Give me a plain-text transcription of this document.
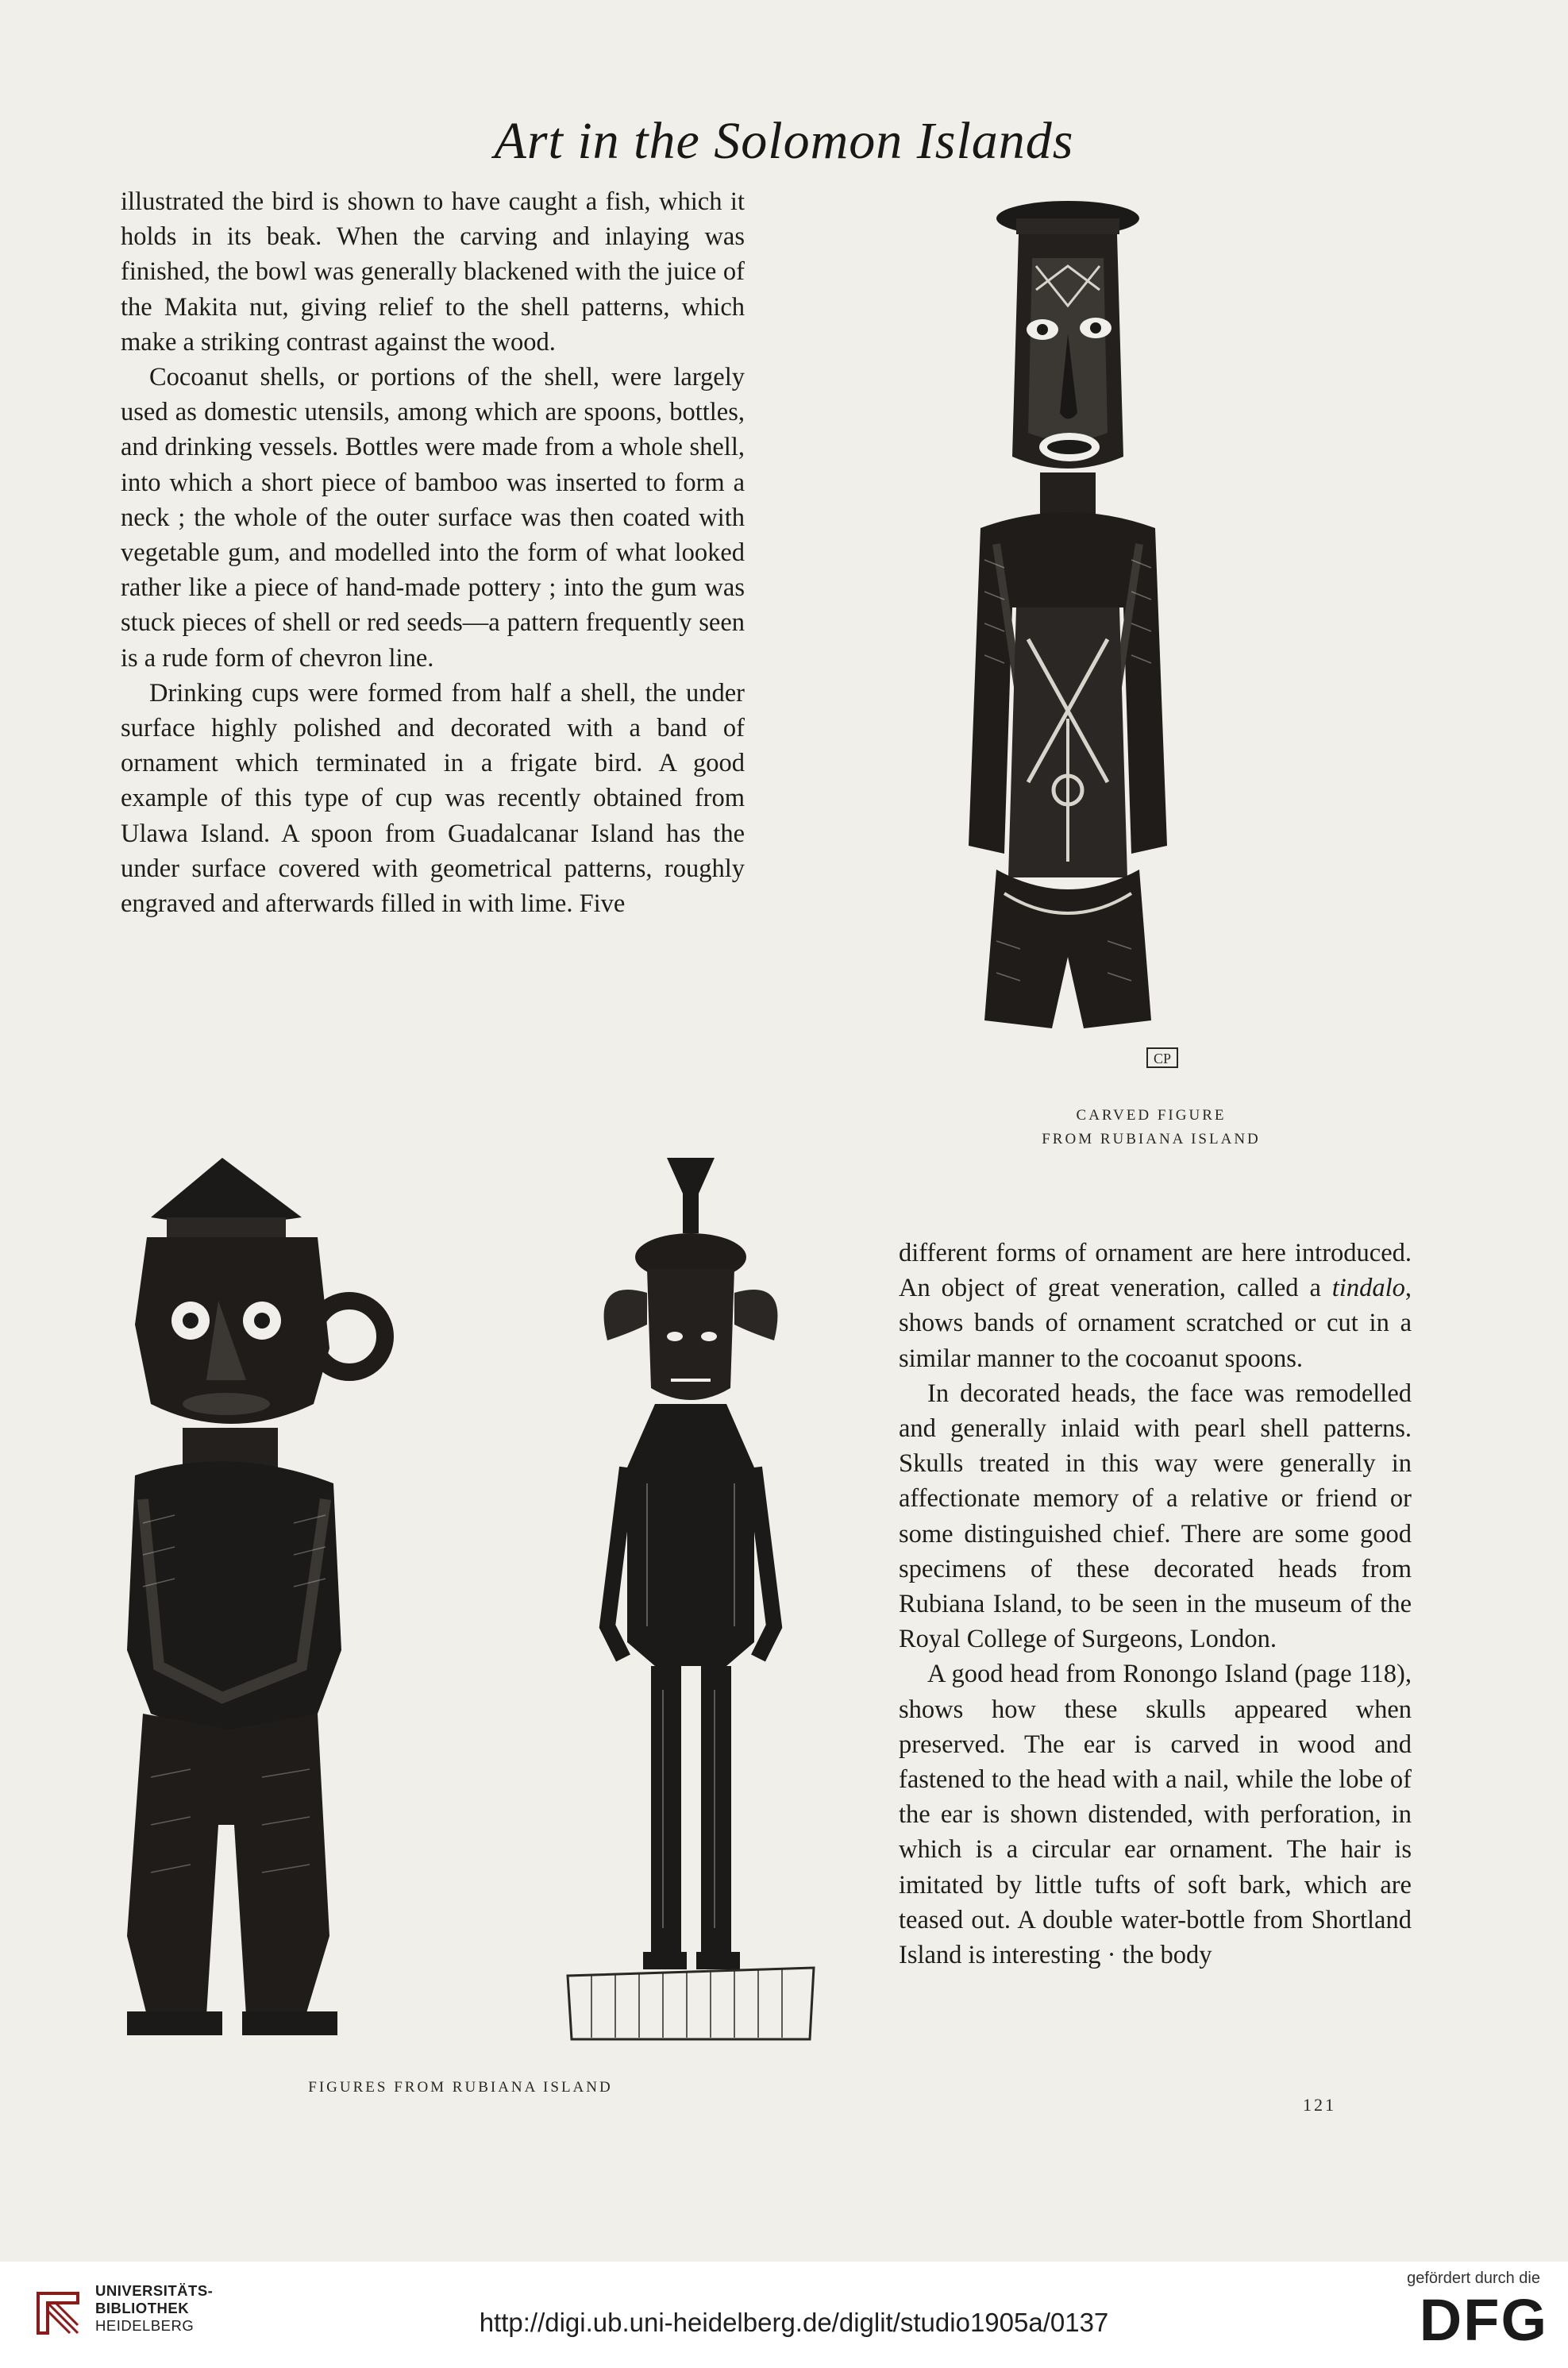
Art in the Solomon Islands

illustrated the bird is shown to have caught a fish, which it holds in its beak. When the carving and inlaying was finished, the bowl was generally blackened with the juice of the Makita nut, giving relief to the shell patterns, which make a striking contrast against the wood.

Cocoanut shells, or portions of the shell, were largely used as domestic utensils, among which are spoons, bottles, and drinking vessels. Bottles were made from a whole shell, into which a short piece of bamboo was inserted to form a neck ; the whole of the outer surface was then coated with vegetable gum, and modelled into the form of what looked rather like a piece of hand-made pottery ; into the gum was stuck pieces of shell or red seeds—a pattern frequently seen is a rude form of chevron line.

Drinking cups were formed from half a shell, the under surface highly polished and decorated with a band of ornament which terminated in a frigate bird. A good example of this type of cup was recently obtained from Ulawa Island. A spoon from Guadalcanar Island has the under surface covered with geometrical patterns, roughly engraved and afterwards filled in with lime. Five

CP
CARVED FIGURE
FROM RUBIANA ISLAND
FIGURES FROM RUBIANA ISLAND

different forms of ornament are here introduced. An object of great veneration, called a tindalo, shows bands of ornament scratched or cut in a similar manner to the cocoanut spoons.

In decorated heads, the face was remodelled and generally inlaid with pearl shell patterns. Skulls treated in this way were generally in affectionate memory of a relative or friend or some distinguished chief. There are some good specimens of these decorated heads from Rubiana Island, to be seen in the museum of the Royal College of Surgeons, London.

A good head from Ronongo Island (page 118), shows how these skulls appeared when preserved. The ear is carved in wood and fastened to the head with a nail, while the lobe of the ear is shown distended, with perforation, in which is a circular ear ornament. The hair is imitated by little tufts of soft bark, which are teased out. A double water-bottle from Shortland Island is interesting · the body

121
UNIVERSITÄTS-
BIBLIOTHEK
HEIDELBERG	http://digi.ub.uni-heidelberg.de/diglit/studio1905a/0137
gefördert durch die
DFG
